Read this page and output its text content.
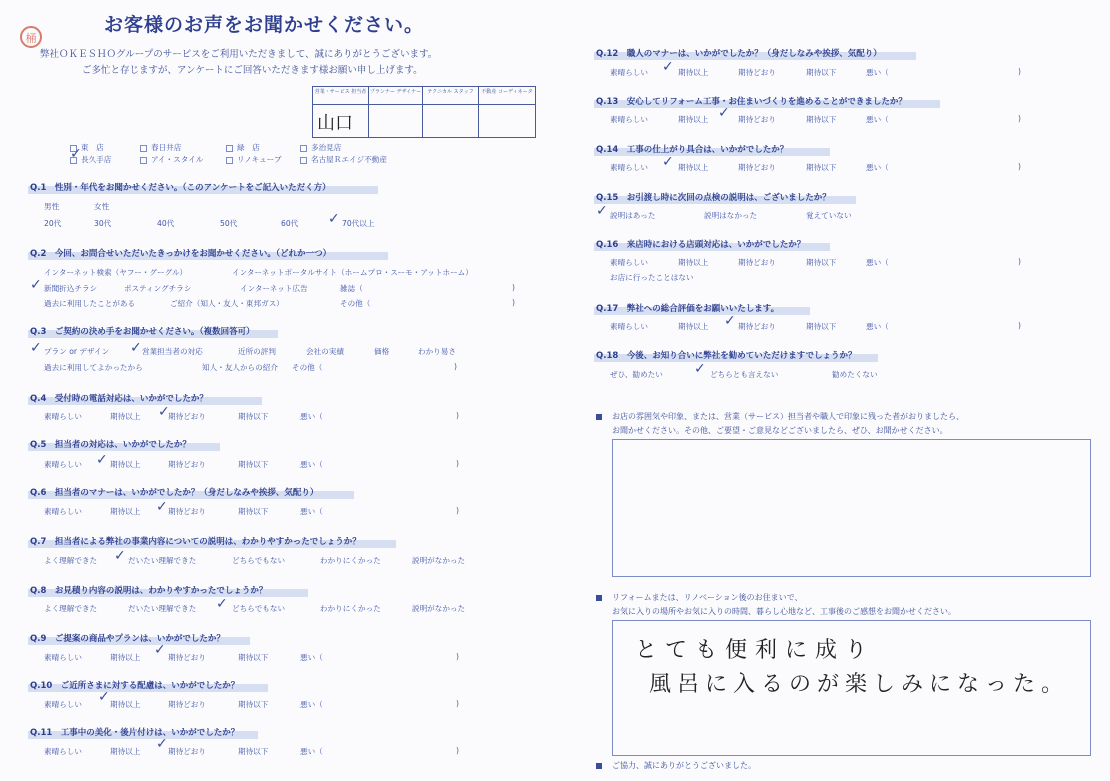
桶
お客様のお声をお聞かせください。
弊社ＯＫＥＳＨＯグループのサービスをご利用いただきまして、誠にありがとうございます。
ご多忙と存じますが、アンケートにご回答いただきます様お願い申し上げます。
営業・サービス 担当者 プランナー デザイナー	テクニカル スタッフ	不動産 コーディネータ
山口
東　店	春日井店	緑　店	多治見店
長久手店	アイ・スタイル	リノキューブ	名古屋Ｒエイジ不動産
✓
Q.1　性別・年代をお聞かせください。（このアンケートをご記入いただく方）
男性	女性
20代	30代	40代	50代	60代	70代以上
✓
Q.2　今回、お問合せいただいたきっかけをお聞かせください。（どれか一つ）
インターネット検索（ヤフー・グーグル）	インターネットポータルサイト（ホームプロ・スーモ・アットホーム）
新聞折込チラシ	ポスティングチラシ	インターネット広告	雑誌（	)
過去に利用したことがある	ご紹介（知人・友人・東邦ガス）	その他（	)
✓
Q.3　ご契約の決め手をお聞かせください。（複数回答可）
プラン or デザイン	営業担当者の対応	近所の評判	会社の実績	価格	わかり易さ
過去に利用してよかったから	知人・友人からの紹介 その他（	)
✓	✓
Q.4　受付時の電話対応は、いかがでしたか？
素晴らしい	期待以上	期待どおり	期待以下	悪い（	)
✓
Q.5　担当者の対応は、いかがでしたか？
素晴らしい	期待以上	期待どおり	期待以下	悪い（	)
✓
Q.6　担当者のマナーは、いかがでしたか？（身だしなみや挨拶、気配り）
素晴らしい	期待以上	期待どおり	期待以下	悪い（	)
✓
Q.7　担当者による弊社の事業内容についての説明は、わかりやすかったでしょうか？
よく理解できた	だいたい理解できた	どちらでもない	わかりにくかった	説明がなかった
✓
Q.8　お見積り内容の説明は、わかりやすかったでしょうか？
よく理解できた	だいたい理解できた	どちらでもない	わかりにくかった	説明がなかった
✓
Q.9　ご提案の商品やプランは、いかがでしたか？
素晴らしい	期待以上	期待どおり	期待以下	悪い（	)
✓
Q.10　ご近所さまに対する配慮は、いかがでしたか？
素晴らしい	期待以上	期待どおり	期待以下	悪い（	)
✓
Q.11　工事中の美化・後片付けは、いかがでしたか？
素晴らしい	期待以上	期待どおり	期待以下	悪い（	)
✓
Q.12　職人のマナーは、いかがでしたか？（身だしなみや挨拶、気配り）
素晴らしい	期待以上	期待どおり	期待以下	悪い（	)
✓
Q.13　安心してリフォーム工事・お住まいづくりを進めることができましたか？
素晴らしい	期待以上	期待どおり	期待以下	悪い（	)
✓
Q.14　工事の仕上がり具合は、いかがでしたか？
素晴らしい	期待以上	期待どおり	期待以下	悪い（	)
✓
Q.15　お引渡し時に次回の点検の説明は、ございましたか？
説明はあった	説明はなかった	覚えていない
✓
Q.16　来店時における店頭対応は、いかがでしたか？
素晴らしい	期待以上	期待どおり	期待以下	悪い（	)
お店に行ったことはない
Q.17　弊社への総合評価をお願いいたします。
素晴らしい	期待以上	期待どおり	期待以下	悪い（	)
✓
Q.18　今後、お知り合いに弊社を勧めていただけますでしょうか？
ぜひ、勧めたい	どちらとも言えない	勧めたくない
✓
お店の雰囲気や印象、または、営業（サービス）担当者や職人で印象に残った者がおりましたら、
お聞かせください。その他、ご要望・ご意見などございましたら、ぜひ、お聞かせください。
リフォームまたは、リノベーション後のお住まいで、
お気に入りの場所やお気に入りの時間、暮らし心地など、工事後のご感想をお聞かせください。
とても便利に成り
風呂に入るのが楽しみになった。
ご協力、誠にありがとうございました。
